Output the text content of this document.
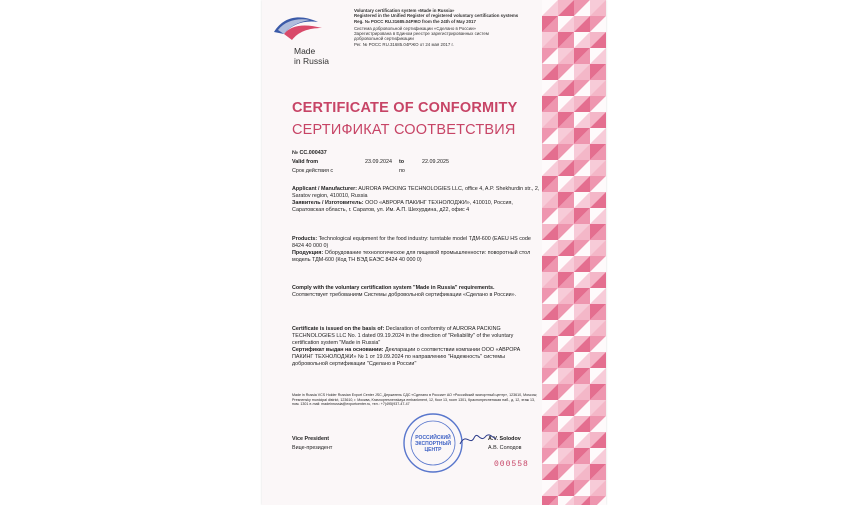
Made
in Russia
Voluntary certification system «Made in Russia»
Registered in the Unified Register of registered voluntary certification systems
Reg. № РОСС RU.31685.04РЖО from the 24th of May 2017
Система добровольной сертификации «Сделано в России»
Зарегистрирована в Едином реестре зарегистрированных систем
добровольной сертификации
Рег. № РОСС RU.31685.04РЖО от 24 мая 2017 г.
CERTIFICATE OF CONFORMITY
СЕРТИФИКАТ СООТВЕТСТВИЯ
№ CC.000437
Valid from	23.09.2024 to	22.09.2025
Срок действия с	по
Applicant / Manufacturer: AURORA PACKING TECHNOLOGIES LLC, office 4, A.P. Shekhurdin str., 2, Saratov region, 410010, Russia
Заявитель / Изготовитель: ООО «АВРОРА ПАКИНГ ТЕХНОЛОДЖИ», 410010, Россия, Саратовская область, г. Саратов, ул. Им. А.П. Шехурдина, д22, офис 4
Products: Technological equipment for the food industry: turntable model ТДМ-600 (EAEU HS code 8424 40 000 0)
Продукция: Оборудование технологическое для пищевой промышленности: поворотный стол модель ТДМ-600 (Код ТН ВЭД ЕАЭС 8424 40 000 0)
Comply with the voluntary certification system "Made in Russia" requirements.
Соответствует требованиям Системы добровольной сертификации «Сделано в России».
Certificate is issued on the basis of: Declaration of conformity of AURORA PACKING TECHNOLOGIES LLC No. 1 dated 09.19.2024 in the direction of "Reliability" of the voluntary certification system "Made in Russia"
Сертификат выдан на основании: Декларации о соответствии компании ООО «АВРОРА ПАКИНГ ТЕХНОЛОДЖИ» № 1 от 19.09.2024 по направлению "Надежность" системы добровольной сертификации "Сделано в России"
Made in Russia VCS Holder Russian Export Center JSC, Держатель СДС «Сделано в России» АО «Российский экспортный центр», 123610, Moscow, Presnensky municipal district, 123610, г. Москва, Krasnopresnenskaya embankment, 12, floor 13, room 1301, Краснопресненская наб., д. 12, этаж 13, пом. 1301 e-mail: madeinrussia@exportcenter.ru, тел.: +7(495)937-47-47
Vice President
Вице-президент
A.V. Solodov
А.В. Солодов
РОССИЙСКИЙ
ЭКСПОРТНЫЙ
ЦЕНТР
000558
